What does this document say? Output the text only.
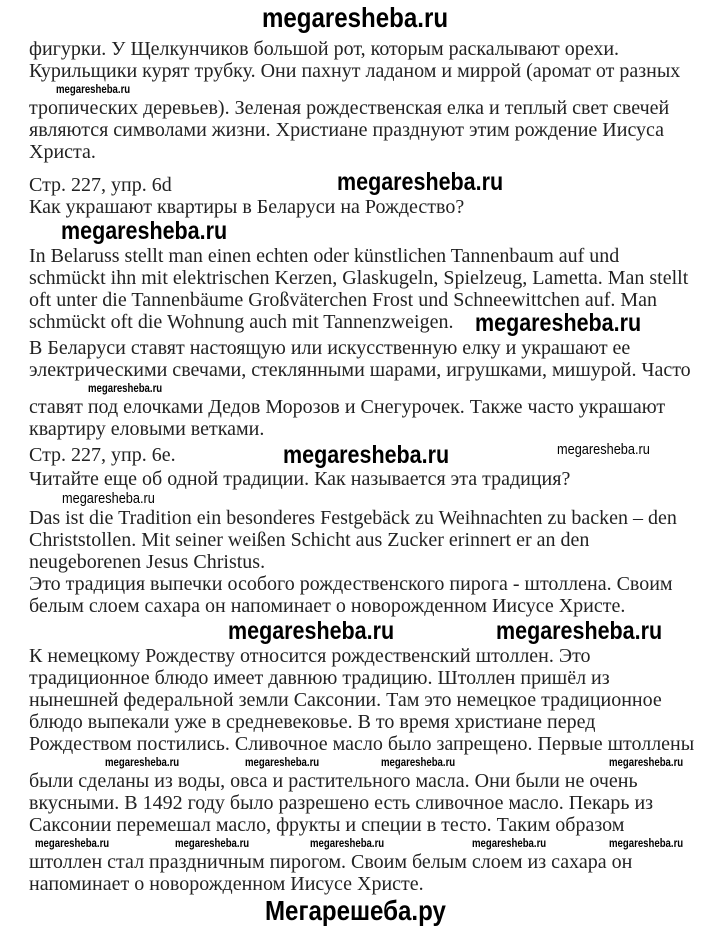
megaresheba.ru
фигурки. У Щелкунчиков большой рот, которым раскалывают орехи.
Курильщики курят трубку. Они пахнут ладаном и миррой (аромат от разных
megaresheba.ru
тропических деревьев). Зеленая рождественская елка и теплый свет свечей
являются символами жизни. Христиане празднуют этим рождение Иисуса
Христа.
Стр. 227, упр. 6d	megaresheba.ru
Как украшают квартиры в Беларуси на Рождество?
megaresheba.ru
In Belaruss stellt man einen echten oder künstlichen Tannenbaum auf und
schmückt ihn mit elektrischen Kerzen, Glaskugeln, Spielzeug, Lametta. Man stellt
oft unter die Tannenbäume Großväterchen Frost und Schneewittchen auf. Man
schmückt oft die Wohnung auch mit Tannenzweigen. megaresheba.ru
В Беларуси ставят настоящую или искусственную елку и украшают ее
электрическими свечами, стеклянными шарами, игрушками, мишурой. Часто
megaresheba.ru
ставят под елочками Дедов Морозов и Снегурочек. Также часто украшают
квартиру еловыми ветками.
megaresheba.ru
Стр. 227, упр. 6e.	megaresheba.ru
Читайте еще об одной традиции. Как называется эта традиция?
megaresheba.ru
Das ist die Tradition ein besonderes Festgebäck zu Weihnachten zu backen – den
Christstollen. Mit seiner weißen Schicht aus Zucker erinnert er an den
neugeborenen Jesus Christus.
Это традиция выпечки особого рождественского пирога - штоллена. Своим
белым слоем сахара он напоминает о новорожденном Иисусе Христе.
megaresheba.ru	megaresheba.ru
К немецкому Рождеству относится рождественский штоллен. Это
традиционное блюдо имеет давнюю традицию. Штоллен пришёл из
нынешней федеральной земли Саксонии. Там это немецкое традиционное
блюдо выпекали уже в средневековье. В то время христиане перед
Рождеством постились. Сливочное масло было запрещено. Первые штоллены
megaresheba.ru	megaresheba.ru	megaresheba.ru	megaresheba.ru
были сделаны из воды, овса и растительного масла. Они были не очень
вкусными. В 1492 году было разрешено есть сливочное масло. Пекарь из
Саксонии перемешал масло, фрукты и специи в тесто. Таким образом
megaresheba.ru	megaresheba.ru	megaresheba.ru	megaresheba.ru	megaresheba.ru
штоллен стал праздничным пирогом. Своим белым слоем из сахара он
напоминает о новорожденном Иисусе Христе.
Мегарешеба.ру
